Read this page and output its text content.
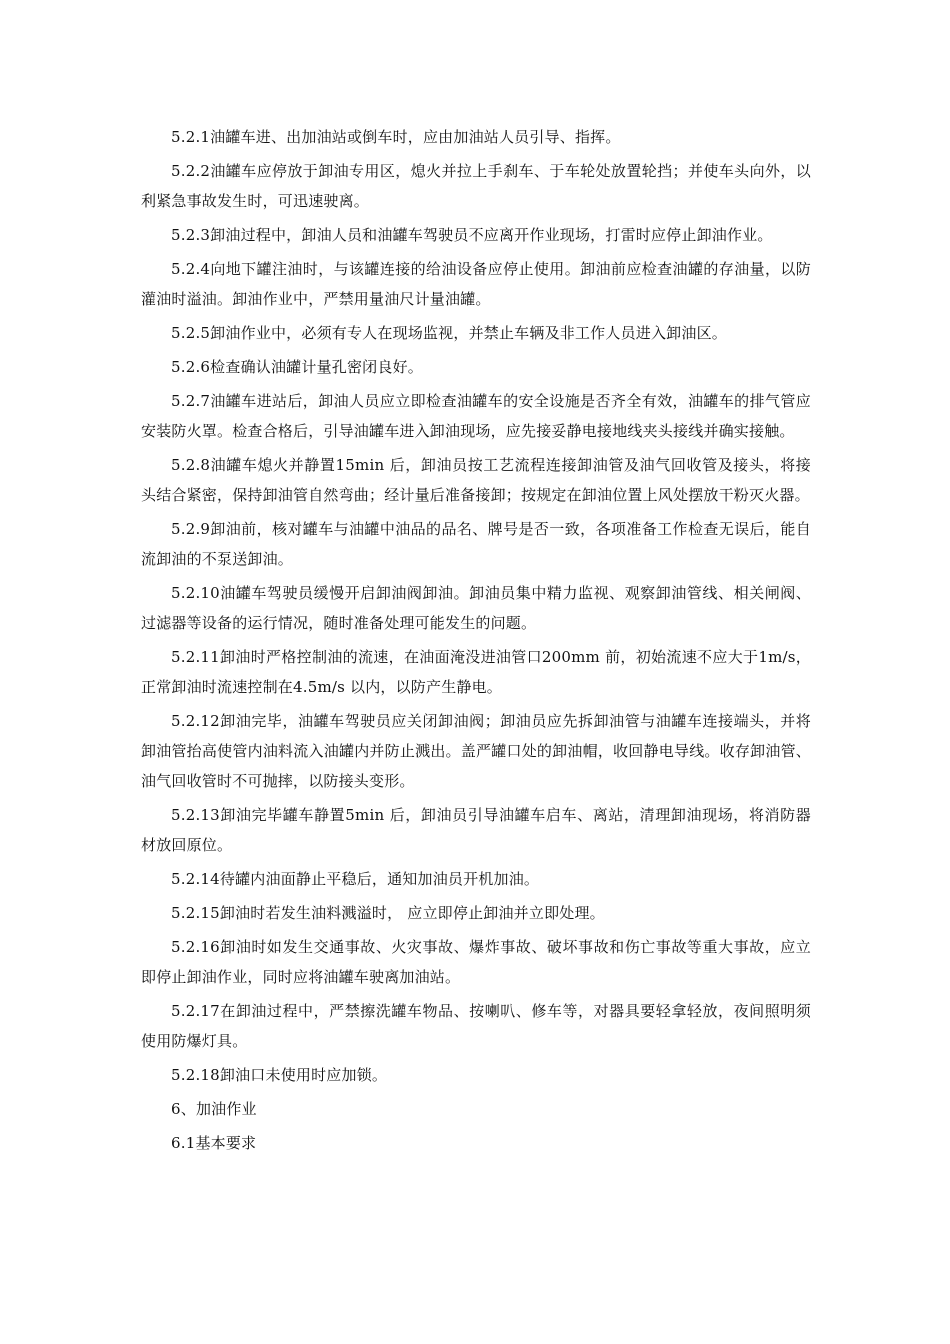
5.2.1油罐车进、出加油站或倒车时，应由加油站人员引导、指挥。

5.2.2油罐车应停放于卸油专用区，熄火并拉上手刹车、于车轮处放置轮挡；并使车头向外，以利紧急事故发生时，可迅速驶离。

5.2.3卸油过程中，卸油人员和油罐车驾驶员不应离开作业现场，打雷时应停止卸油作业。

5.2.4向地下罐注油时，与该罐连接的给油设备应停止使用。卸油前应检查油罐的存油量，以防灌油时溢油。卸油作业中，严禁用量油尺计量油罐。

5.2.5卸油作业中，必须有专人在现场监视，并禁止车辆及非工作人员进入卸油区。

5.2.6检查确认油罐计量孔密闭良好。

5.2.7油罐车进站后，卸油人员应立即检查油罐车的安全设施是否齐全有效，油罐车的排气管应安装防火罩。检查合格后，引导油罐车进入卸油现场，应先接妥静电接地线夹头接线并确实接触。

5.2.8油罐车熄火并静置15min 后，卸油员按工艺流程连接卸油管及油气回收管及接头，将接头结合紧密，保持卸油管自然弯曲；经计量后准备接卸；按规定在卸油位置上风处摆放干粉灭火器。

5.2.9卸油前，核对罐车与油罐中油品的品名、牌号是否一致，各项准备工作检查无误后，能自流卸油的不泵送卸油。

5.2.10油罐车驾驶员缓慢开启卸油阀卸油。卸油员集中精力监视、观察卸油管线、相关闸阀、过滤器等设备的运行情况，随时准备处理可能发生的问题。

5.2.11卸油时严格控制油的流速，在油面淹没进油管口200mm 前，初始流速不应大于1m/s，正常卸油时流速控制在4.5m/s 以内，以防产生静电。

5.2.12卸油完毕，油罐车驾驶员应关闭卸油阀；卸油员应先拆卸油管与油罐车连接端头，并将卸油管抬高使管内油料流入油罐内并防止溅出。盖严罐口处的卸油帽，收回静电导线。收存卸油管、油气回收管时不可抛摔，以防接头变形。

5.2.13卸油完毕罐车静置5min 后，卸油员引导油罐车启车、离站，清理卸油现场，将消防器材放回原位。

5.2.14待罐内油面静止平稳后，通知加油员开机加油。

5.2.15卸油时若发生油料溅溢时， 应立即停止卸油并立即处理。

5.2.16卸油时如发生交通事故、火灾事故、爆炸事故、破坏事故和伤亡事故等重大事故，应立即停止卸油作业，同时应将油罐车驶离加油站。

5.2.17在卸油过程中，严禁擦洗罐车物品、按喇叭、修车等，对器具要轻拿轻放，夜间照明须使用防爆灯具。

5.2.18卸油口未使用时应加锁。

6、加油作业

6.1基本要求
